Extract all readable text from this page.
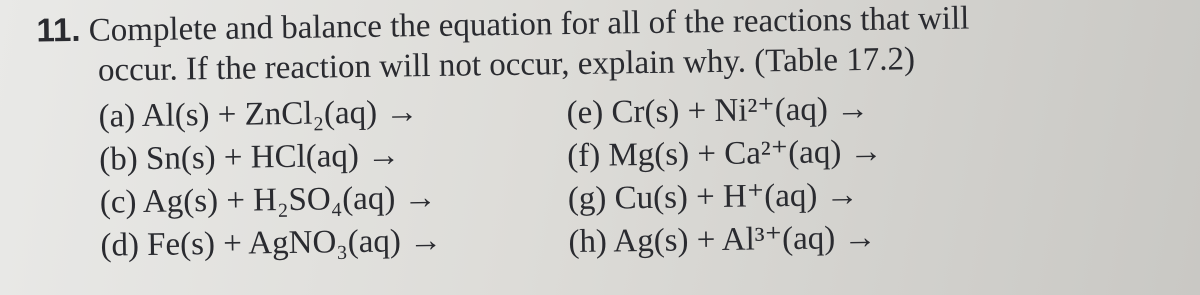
11. Complete and balance the equation for all of the reactions that will
occur. If the reaction will not occur, explain why. (Table 17.2)
(a) Al(s) + ZnCl₂(aq) →
(b) Sn(s) + HCl(aq) →
(c) Ag(s) + H₂SO₄(aq) →
(d) Fe(s) + AgNO₃(aq) →
(e) Cr(s) + Ni²⁺(aq) →
(f) Mg(s) + Ca²⁺(aq) →
(g) Cu(s) + H⁺(aq) →
(h) Ag(s) + Al³⁺(aq) →
